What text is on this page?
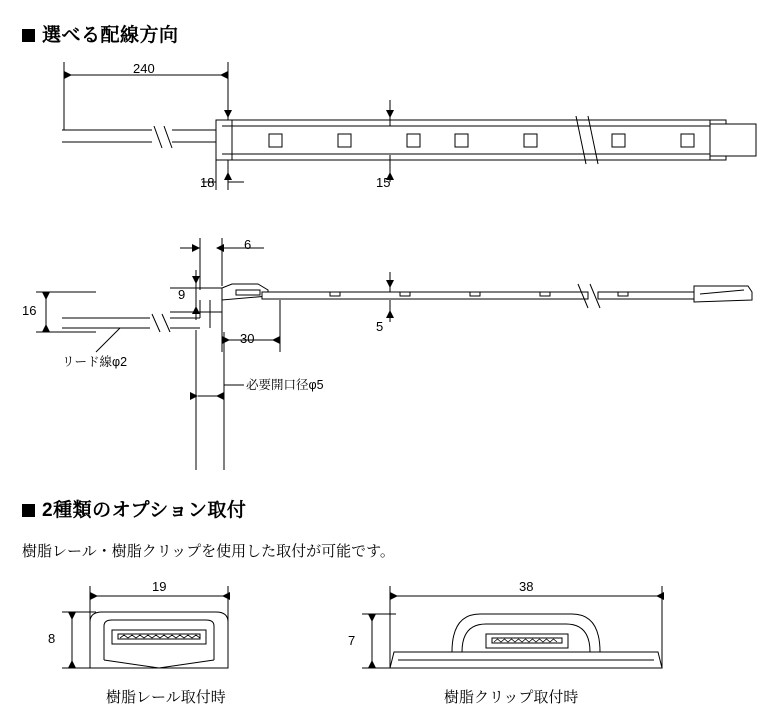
選べる配線方向
240
18	15
6
9
16
5
30
リード線φ2
必要開口径φ5
2種類のオプション取付
樹脂レール・樹脂クリップを使用した取付が可能です。
19
8
樹脂レール取付時
38
7
樹脂クリップ取付時
